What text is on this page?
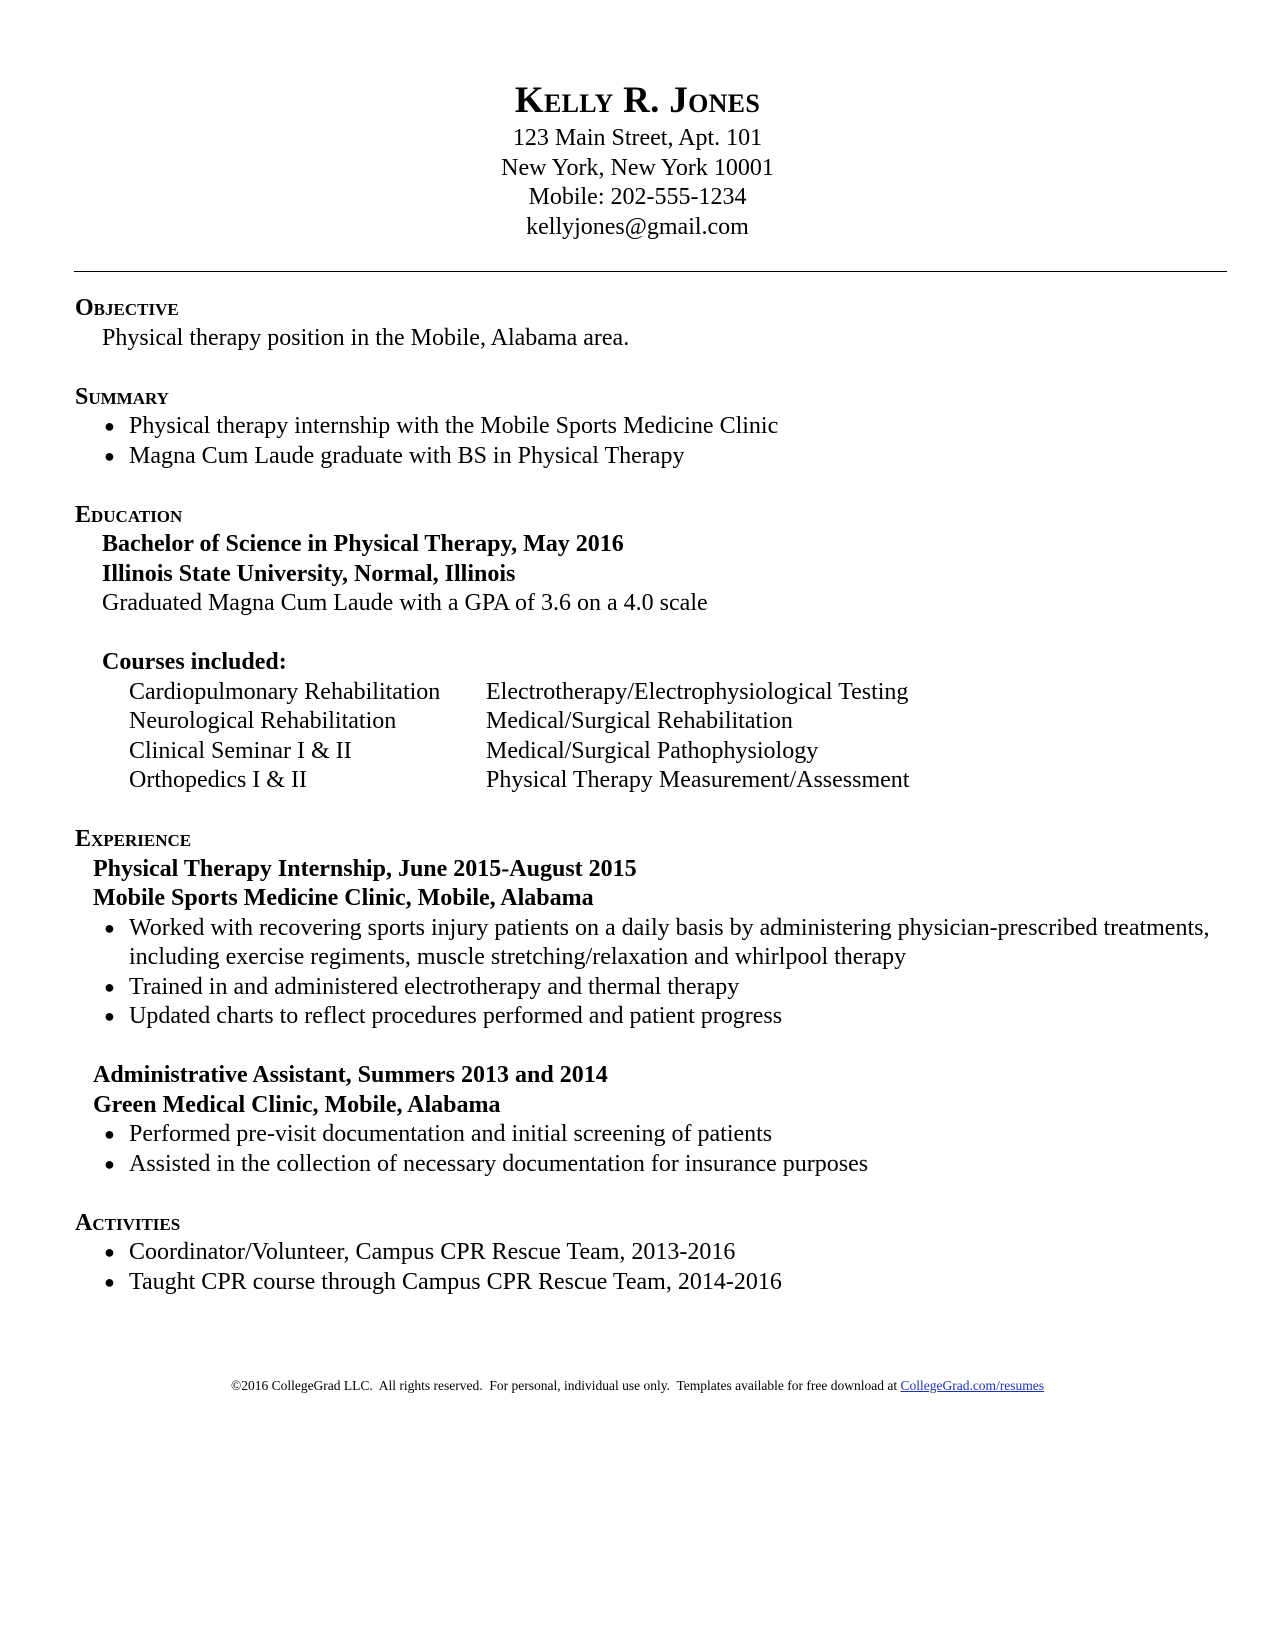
Kelly R. Jones
123 Main Street, Apt. 101
New York, New York 10001
Mobile: 202-555-1234
kellyjones@gmail.com
Objective
Physical therapy position in the Mobile, Alabama area.
Summary
● Physical therapy internship with the Mobile Sports Medicine Clinic
● Magna Cum Laude graduate with BS in Physical Therapy
Education
Bachelor of Science in Physical Therapy, May 2016
Illinois State University, Normal, Illinois
Graduated Magna Cum Laude with a GPA of 3.6 on a 4.0 scale
Courses included:
Cardiopulmonary Rehabilitation	Electrotherapy/Electrophysiological Testing
Neurological Rehabilitation	Medical/Surgical Rehabilitation
Clinical Seminar I & II	Medical/Surgical Pathophysiology
Orthopedics I & II	Physical Therapy Measurement/Assessment
Experience
Physical Therapy Internship, June 2015-August 2015
Mobile Sports Medicine Clinic, Mobile, Alabama
● Worked with recovering sports injury patients on a daily basis by administering physician-prescribed treatments, including exercise regiments, muscle stretching/relaxation and whirlpool therapy
● Trained in and administered electrotherapy and thermal therapy
● Updated charts to reflect procedures performed and patient progress
Administrative Assistant, Summers 2013 and 2014
Green Medical Clinic, Mobile, Alabama
● Performed pre-visit documentation and initial screening of patients
● Assisted in the collection of necessary documentation for insurance purposes
Activities
● Coordinator/Volunteer, Campus CPR Rescue Team, 2013-2016
● Taught CPR course through Campus CPR Rescue Team, 2014-2016
©2016 CollegeGrad LLC.  All rights reserved.  For personal, individual use only.  Templates available for free download at CollegeGrad.com/resumes
